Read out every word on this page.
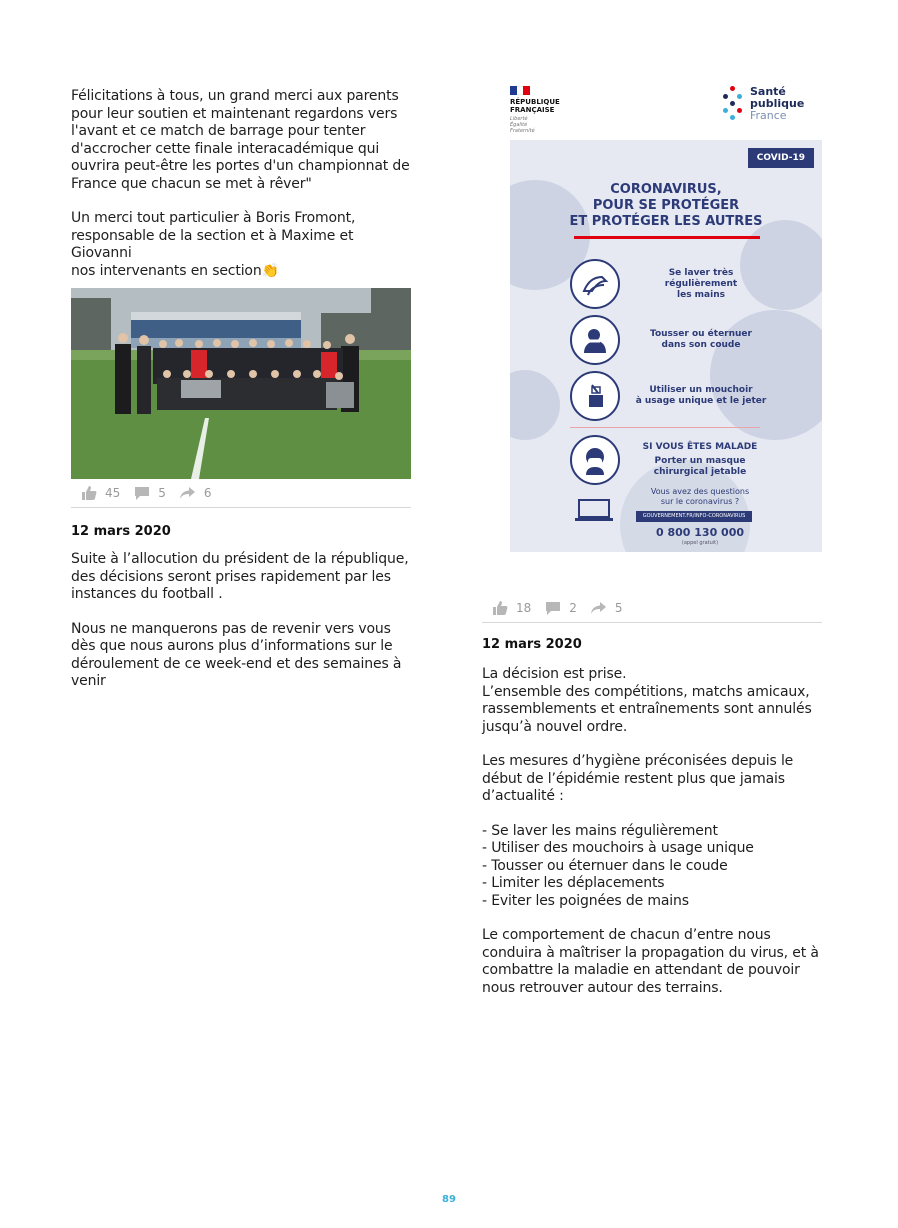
Félicitations à tous, un grand merci aux parents
pour leur soutien et maintenant regardons vers
l'avant et ce match de barrage pour tenter
d'accrocher cette finale interacadémique qui
ouvrira peut-être les portes d'un championnat de
France que chacun se met à rêver"

Un merci tout particulier à Boris Fromont,
responsable de la section et à Maxime et Giovanni
nos intervenants en section👏

45	5	6

12 mars 2020

Suite à l’allocution du président de la république,
des décisions seront prises rapidement par les
instances du football .

Nous ne manquerons pas de revenir vers vous
dès que nous aurons plus d’informations sur le
déroulement de ce week-end et des semaines à
venir

RÉPUBLIQUE
FRANÇAISE
Liberté
Égalité
Fraternité
Santé
publique
France
COVID-19
CORONAVIRUS,
POUR SE PROTÉGER
ET PROTÉGER LES AUTRES
Se laver très régulièrement
les mains
Tousser ou éternuer
dans son coude
Utiliser un mouchoir
à usage unique et le jeter
SI VOUS ÊTES MALADE
Porter un masque
chirurgical jetable
Vous avez des questions
sur le coronavirus ?
GOUVERNEMENT.FR/INFO-CORONAVIRUS
0 800 130 000
(appel gratuit)
18	2	5

12 mars 2020

La décision est prise.
L’ensemble des compétitions, matchs amicaux,
rassemblements et entraînements sont annulés
jusqu’à nouvel ordre.

Les mesures d’hygiène préconisées depuis le
début de l’épidémie restent plus que jamais
d’actualité :

- Se laver les mains régulièrement
- Utiliser des mouchoirs à usage unique
- Tousser ou éternuer dans le coude
- Limiter les déplacements
- Eviter les poignées de mains

Le comportement de chacun d’entre nous
conduira à maîtriser la propagation du virus, et à
combattre la maladie en attendant de pouvoir
nous retrouver autour des terrains.

89
